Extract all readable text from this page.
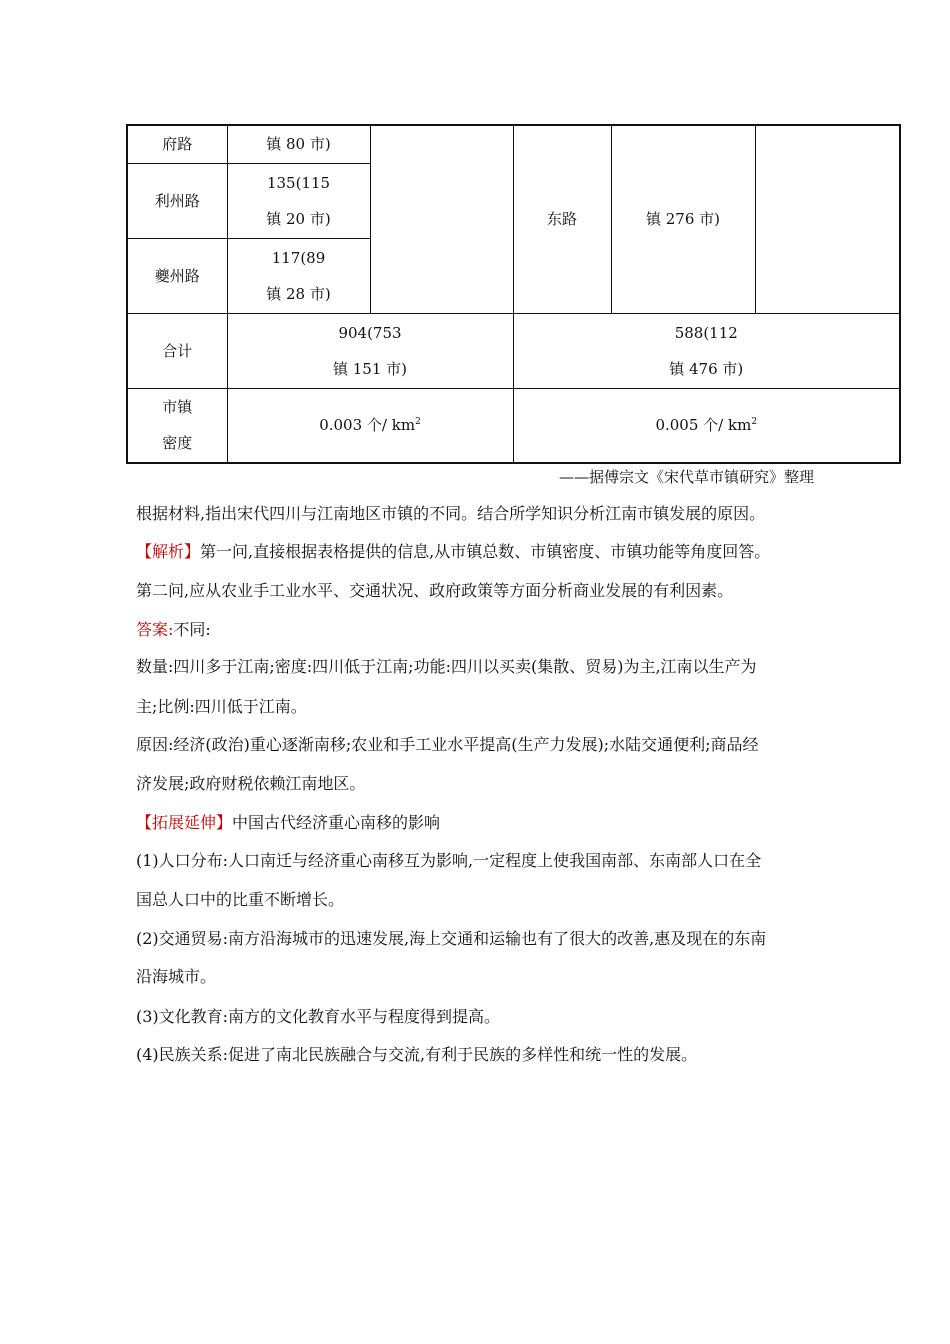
府路	镇 80 市)		东路	镇 276 市)	
利州路	135(115
镇 20 市)				

夔州路	117(89
镇 28 市)				

合计	904(753
镇 151 市)		588(112
镇 476 市)		

市镇
密度	0.003 个/ $km^2$		0.005 个/ $km^2$
——据傅宗文《宋代草市镇研究》整理
根据材料,指出宋代四川与江南地区市镇的不同。结合所学知识分析江南市镇发展的原因。
【解析】第一问,直接根据表格提供的信息,从市镇总数、市镇密度、市镇功能等角度回答。
第二问,应从农业手工业水平、交通状况、政府政策等方面分析商业发展的有利因素。
答案:不同:
数量:四川多于江南;密度:四川低于江南;功能:四川以买卖(集散、贸易)为主,江南以生产为
主;比例:四川低于江南。
原因:经济(政治)重心逐渐南移;农业和手工业水平提高(生产力发展);水陆交通便利;商品经
济发展;政府财税依赖江南地区。
【拓展延伸】中国古代经济重心南移的影响
(1)人口分布:人口南迁与经济重心南移互为影响,一定程度上使我国南部、东南部人口在全
国总人口中的比重不断增长。
(2)交通贸易:南方沿海城市的迅速发展,海上交通和运输也有了很大的改善,惠及现在的东南
沿海城市。
(3)文化教育:南方的文化教育水平与程度得到提高。
(4)民族关系:促进了南北民族融合与交流,有利于民族的多样性和统一性的发展。
